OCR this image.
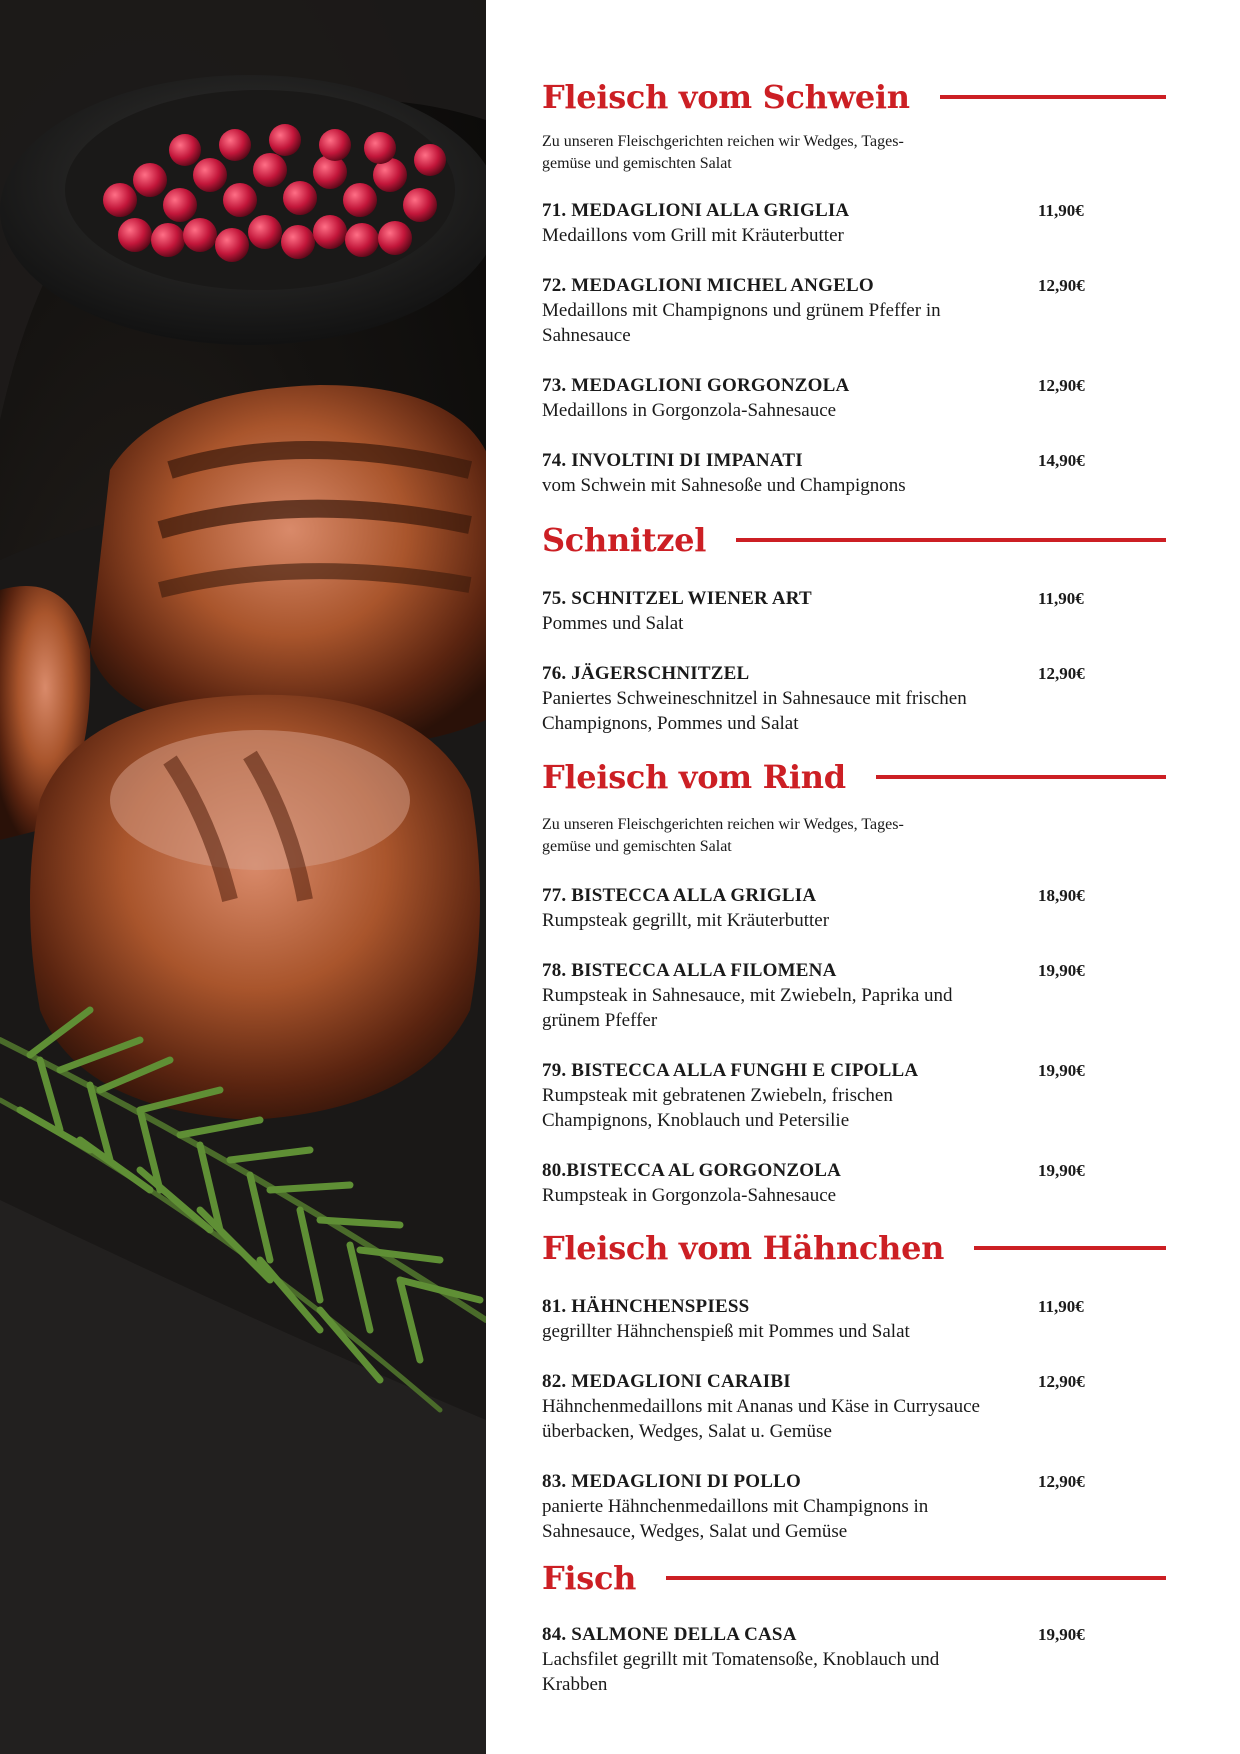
Fleisch vom Schwein
Zu unseren Fleischgerichten reichen wir Wedges, Tages-
gemüse und gemischten Salat
71. MEDAGLIONI ALLA GRIGLIA
Medaillons vom Grill mit Kräuterbutter
11,90€
72. MEDAGLIONI MICHEL ANGELO
Medaillons mit Champignons und grünem Pfeffer in Sahnesauce
12,90€
73. MEDAGLIONI GORGONZOLA
Medaillons in Gorgonzola-Sahnesauce
12,90€
74. INVOLTINI DI IMPANATI
vom Schwein mit Sahnesoße und Champignons
14,90€
Schnitzel
75. SCHNITZEL WIENER ART
Pommes und Salat
11,90€
76. JÄGERSCHNITZEL
Paniertes Schweineschnitzel in Sahnesauce mit frischen Champignons, Pommes und Salat
12,90€
Fleisch vom Rind
Zu unseren Fleischgerichten reichen wir Wedges, Tages-
gemüse und gemischten Salat
77. BISTECCA ALLA GRIGLIA
Rumpsteak gegrillt, mit Kräuterbutter
18,90€
78. BISTECCA ALLA FILOMENA
Rumpsteak in Sahnesauce, mit Zwiebeln, Paprika und grünem Pfeffer
19,90€
79. BISTECCA ALLA FUNGHI E CIPOLLA
Rumpsteak mit gebratenen Zwiebeln, frischen Champignons, Knoblauch und Petersilie
19,90€
80.BISTECCA AL GORGONZOLA
Rumpsteak in Gorgonzola-Sahnesauce
19,90€
Fleisch vom Hähnchen
81. HÄHNCHENSPIESS
gegrillter Hähnchenspieß mit Pommes und Salat
11,90€
82. MEDAGLIONI CARAIBI
Hähnchenmedaillons mit Ananas und Käse in Currysauce überbacken, Wedges, Salat u. Gemüse
12,90€
83. MEDAGLIONI DI POLLO
panierte Hähnchenmedaillons mit Champignons in Sahnesauce, Wedges, Salat und Gemüse
12,90€
Fisch
84. SALMONE DELLA CASA
Lachsfilet gegrillt mit Tomatensoße, Knoblauch und Krabben
19,90€
